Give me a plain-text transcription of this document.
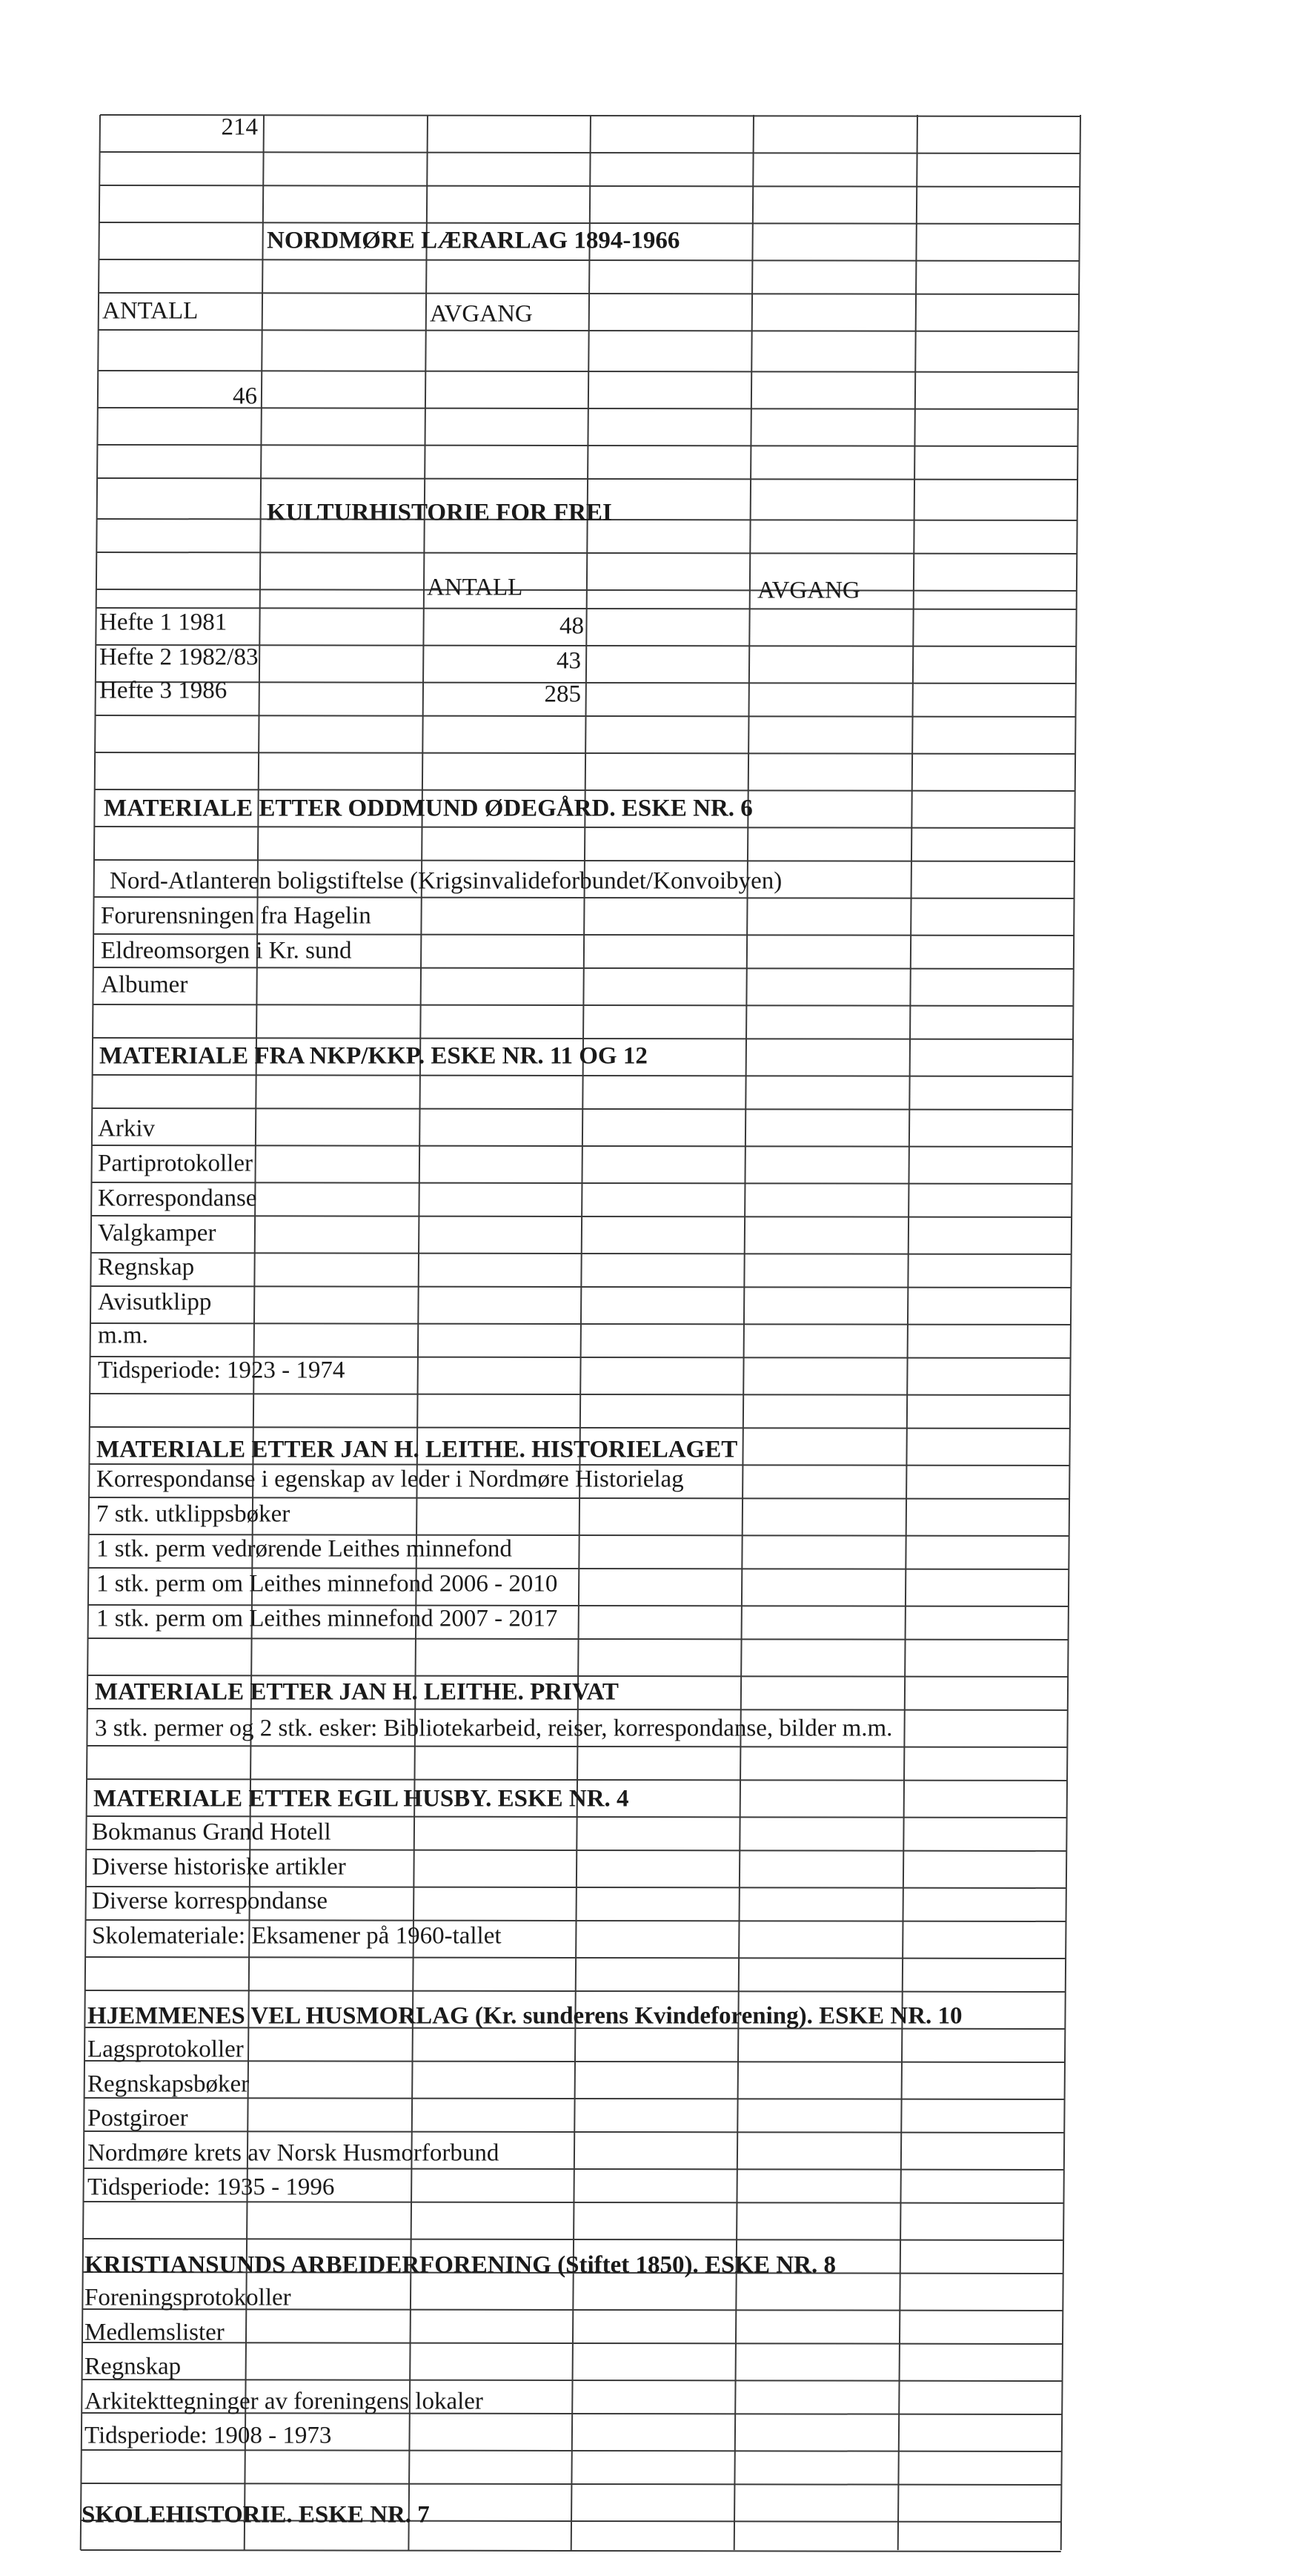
214
NORDMØRE LÆRARLAG 1894-1966
ANTALL	AVGANG
46
KULTURHISTORIE FOR FREI
ANTALL	AVGANG
Hefte 1 1981	48
Hefte 2 1982/83	43
Hefte 3 1986	285
MATERIALE ETTER ODDMUND ØDEGÅRD. ESKE NR. 6
Nord-Atlanteren boligstiftelse (Krigsinvalideforbundet/Konvoibyen)
Forurensningen fra Hagelin
Eldreomsorgen i Kr. sund
Albumer
MATERIALE FRA NKP/KKP. ESKE NR. 11 OG 12
Arkiv
Partiprotokoller
Korrespondanse
Valgkamper
Regnskap
Avisutklipp
m.m.
Tidsperiode: 1923 - 1974
MATERIALE ETTER JAN H. LEITHE. HISTORIELAGET
Korrespondanse i egenskap av leder i Nordmøre Historielag
7 stk. utklippsbøker
1 stk. perm vedrørende Leithes minnefond
1 stk. perm om Leithes minnefond 2006 - 2010
1 stk. perm om Leithes minnefond 2007 - 2017
MATERIALE ETTER JAN H. LEITHE. PRIVAT
3 stk. permer og 2 stk. esker: Bibliotekarbeid, reiser, korrespondanse, bilder m.m.
MATERIALE ETTER EGIL HUSBY. ESKE NR. 4
Bokmanus Grand Hotell
Diverse historiske artikler
Diverse korrespondanse
Skolemateriale: Eksamener på 1960-tallet
HJEMMENES VEL HUSMORLAG (Kr. sunderens Kvindeforening). ESKE NR. 10
Lagsprotokoller
Regnskapsbøker
Postgiroer
Nordmøre krets av Norsk Husmorforbund
Tidsperiode: 1935 - 1996
KRISTIANSUNDS ARBEIDERFORENING (Stiftet 1850). ESKE NR. 8
Foreningsprotokoller
Medlemslister
Regnskap
Arkitekttegninger av foreningens lokaler
Tidsperiode: 1908 - 1973
SKOLEHISTORIE. ESKE NR. 7
